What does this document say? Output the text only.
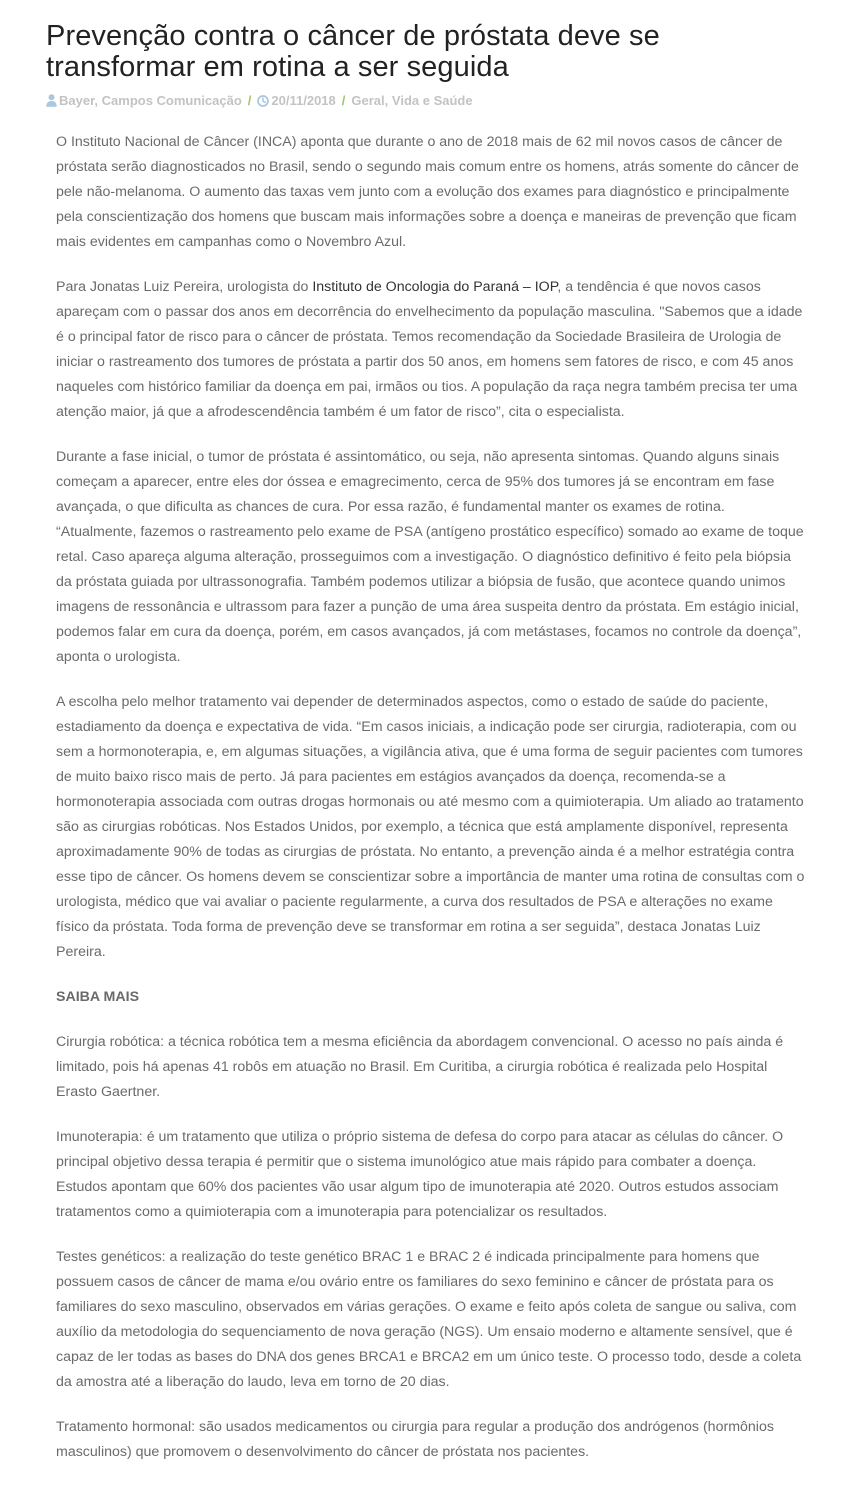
Prevenção contra o câncer de próstata deve se transformar em rotina a ser seguida
Bayer, Campos Comunicação / 20/11/2018 / Geral, Vida e Saúde

O Instituto Nacional de Câncer (INCA) aponta que durante o ano de 2018 mais de 62 mil novos casos de câncer de próstata serão diagnosticados no Brasil, sendo o segundo mais comum entre os homens, atrás somente do câncer de pele não-melanoma. O aumento das taxas vem junto com a evolução dos exames para diagnóstico e principalmente pela conscientização dos homens que buscam mais informações sobre a doença e maneiras de prevenção que ficam mais evidentes em campanhas como o Novembro Azul.

Para Jonatas Luiz Pereira, urologista do Instituto de Oncologia do Paraná – IOP, a tendência é que novos casos apareçam com o passar dos anos em decorrência do envelhecimento da população masculina. "Sabemos que a idade é o principal fator de risco para o câncer de próstata. Temos recomendação da Sociedade Brasileira de Urologia de iniciar o rastreamento dos tumores de próstata a partir dos 50 anos, em homens sem fatores de risco, e com 45 anos naqueles com histórico familiar da doença em pai, irmãos ou tios. A população da raça negra também precisa ter uma atenção maior, já que a afrodescendência também é um fator de risco”, cita o especialista.

Durante a fase inicial, o tumor de próstata é assintomático, ou seja, não apresenta sintomas. Quando alguns sinais começam a aparecer, entre eles dor óssea e emagrecimento, cerca de 95% dos tumores já se encontram em fase avançada, o que dificulta as chances de cura. Por essa razão, é fundamental manter os exames de rotina. “Atualmente, fazemos o rastreamento pelo exame de PSA (antígeno prostático específico) somado ao exame de toque retal. Caso apareça alguma alteração, prosseguimos com a investigação. O diagnóstico definitivo é feito pela biópsia da próstata guiada por ultrassonografia. Também podemos utilizar a biópsia de fusão, que acontece quando unimos imagens de ressonância e ultrassom para fazer a punção de uma área suspeita dentro da próstata. Em estágio inicial, podemos falar em cura da doença, porém, em casos avançados, já com metástases, focamos no controle da doença”, aponta o urologista.

A escolha pelo melhor tratamento vai depender de determinados aspectos, como o estado de saúde do paciente, estadiamento da doença e expectativa de vida. “Em casos iniciais, a indicação pode ser cirurgia, radioterapia, com ou sem a hormonoterapia, e, em algumas situações, a vigilância ativa, que é uma forma de seguir pacientes com tumores de muito baixo risco mais de perto. Já para pacientes em estágios avançados da doença, recomenda-se a hormonoterapia associada com outras drogas hormonais ou até mesmo com a quimioterapia. Um aliado ao tratamento são as cirurgias robóticas. Nos Estados Unidos, por exemplo, a técnica que está amplamente disponível, representa aproximadamente 90% de todas as cirurgias de próstata. No entanto, a prevenção ainda é a melhor estratégia contra esse tipo de câncer. Os homens devem se conscientizar sobre a importância de manter uma rotina de consultas com o urologista, médico que vai avaliar o paciente regularmente, a curva dos resultados de PSA e alterações no exame físico da próstata. Toda forma de prevenção deve se transformar em rotina a ser seguida”, destaca Jonatas Luiz Pereira.

SAIBA MAIS

Cirurgia robótica: a técnica robótica tem a mesma eficiência da abordagem convencional. O acesso no país ainda é limitado, pois há apenas 41 robôs em atuação no Brasil. Em Curitiba, a cirurgia robótica é realizada pelo Hospital Erasto Gaertner.

Imunoterapia: é um tratamento que utiliza o próprio sistema de defesa do corpo para atacar as células do câncer. O principal objetivo dessa terapia é permitir que o sistema imunológico atue mais rápido para combater a doença. Estudos apontam que 60% dos pacientes vão usar algum tipo de imunoterapia até 2020. Outros estudos associam tratamentos como a quimioterapia com a imunoterapia para potencializar os resultados.

Testes genéticos: a realização do teste genético BRAC 1 e BRAC 2 é indicada principalmente para homens que possuem casos de câncer de mama e/ou ovário entre os familiares do sexo feminino e câncer de próstata para os familiares do sexo masculino, observados em várias gerações. O exame e feito após coleta de sangue ou saliva, com auxílio da metodologia do sequenciamento de nova geração (NGS). Um ensaio moderno e altamente sensível, que é capaz de ler todas as bases do DNA dos genes BRCA1 e BRCA2 em um único teste. O processo todo, desde a coleta da amostra até a liberação do laudo, leva em torno de 20 dias.

Tratamento hormonal: são usados medicamentos ou cirurgia para regular a produção dos andrógenos (hormônios masculinos) que promovem o desenvolvimento do câncer de próstata nos pacientes.
